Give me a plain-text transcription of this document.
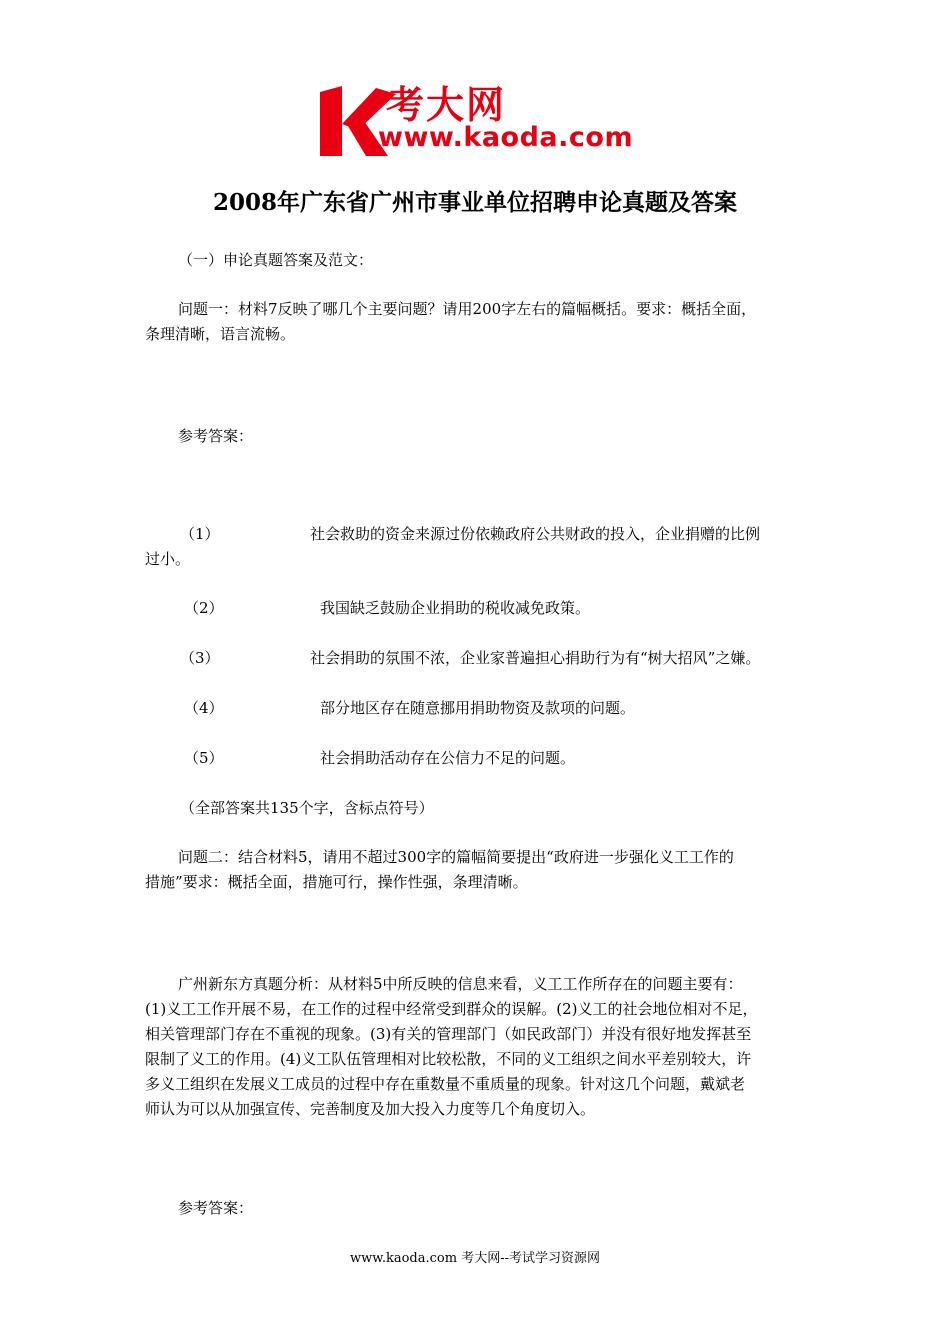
考大网
www.kaoda.com
2008年广东省广州市事业单位招聘申论真题及答案
（一）申论真题答案及范文：
问题一：材料7反映了哪几个主要问题？请用200字左右的篇幅概括。要求：概括全面，
条理清晰，语言流畅。
参考答案：
（1）	社会救助的资金来源过份依赖政府公共财政的投入，企业捐赠的比例
过小。
（2）	我国缺乏鼓励企业捐助的税收减免政策。
（3）	社会捐助的氛围不浓，企业家普遍担心捐助行为有“树大招风”之嫌。
（4）	部分地区存在随意挪用捐助物资及款项的问题。
（5）	社会捐助活动存在公信力不足的问题。
（全部答案共135个字，含标点符号）
问题二：结合材料5，请用不超过300字的篇幅简要提出“政府进一步强化义工工作的
措施”要求：概括全面，措施可行，操作性强，条理清晰。
广州新东方真题分析：从材料5中所反映的信息来看，义工工作所存在的问题主要有：
(1)义工工作开展不易，在工作的过程中经常受到群众的误解。(2)义工的社会地位相对不足，
相关管理部门存在不重视的现象。(3)有关的管理部门（如民政部门）并没有很好地发挥甚至
限制了义工的作用。(4)义工队伍管理相对比较松散，不同的义工组织之间水平差别较大，许
多义工组织在发展义工成员的过程中存在重数量不重质量的现象。针对这几个问题，戴斌老
师认为可以从加强宣传、完善制度及加大投入力度等几个角度切入。
参考答案：
www.kaoda.com 考大网--考试学习资源网
